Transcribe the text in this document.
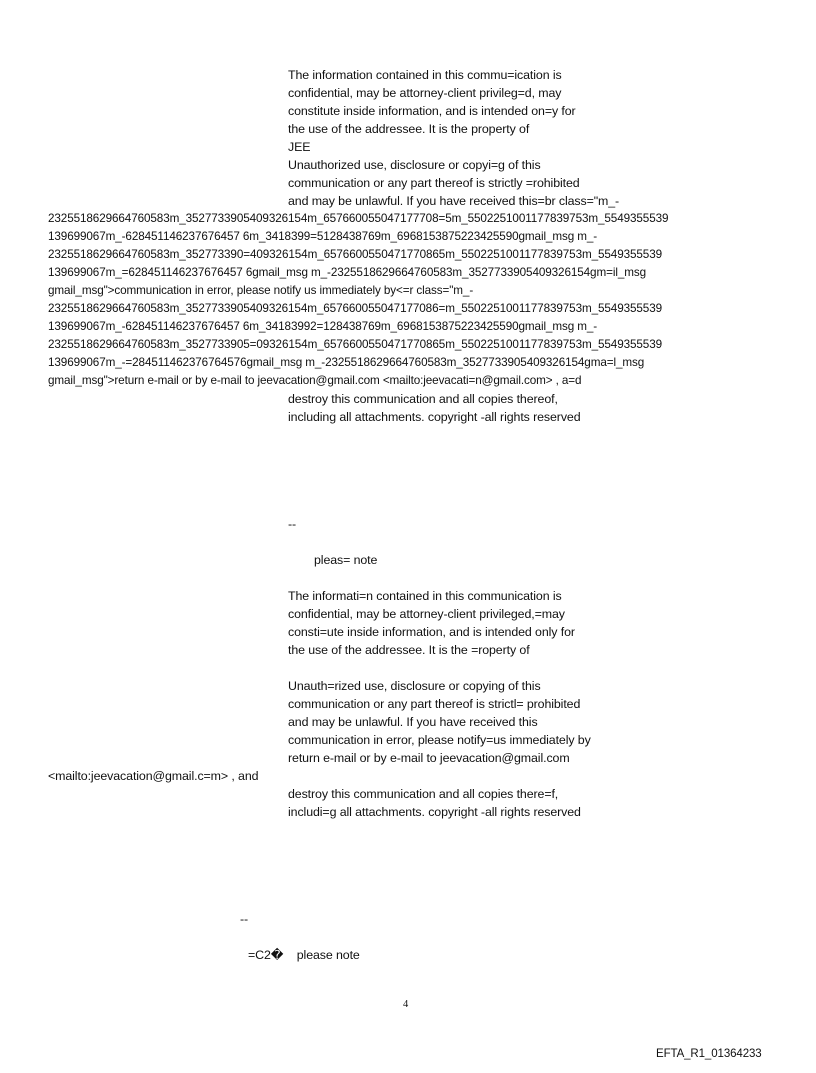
The information contained in this commu=ication is

confidential, may be attorney-client privileg=d, may

constitute inside information, and is intended on=y for

the use of the addressee. It is the property of

JEE

Unauthorized use, disclosure or copyi=g of this

communication or any part thereof is strictly =rohibited

and may be unlawful. If you have received this=br class="m_-

2325518629664760583m_3527733905409326154m_657660055047177708=5m_5502251001177839753m_5549355539

139699067m_-628451146237676457 6m_3418399=5128438769m_6968153875223425590gmail_msg m_-

2325518629664760583m_352773390=409326154m_6576600550471770865m_5502251001177839753m_5549355539

139699067m_=628451146237676457 6gmail_msg m_-2325518629664760583m_3527733905409326154gm=il_msg

gmail_msg">communication in error, please notify us immediately by<=r class="m_-

2325518629664760583m_3527733905409326154m_657660055047177086=m_5502251001177839753m_5549355539

139699067m_-628451146237676457 6m_34183992=128438769m_6968153875223425590gmail_msg m_-

2325518629664760583m_3527733905=09326154m_6576600550471770865m_5502251001177839753m_5549355539

139699067m_-=284511462376764576gmail_msg m_-2325518629664760583m_3527733905409326154gma=l_msg

gmail_msg">return e-mail or by e-mail to jeevacation@gmail.com <mailto:jeevacati=n@gmail.com> , a=d

destroy this communication and all copies thereof,

including all attachments. copyright -all rights reserved

--

pleas= note

The informati=n contained in this communication is

confidential, may be attorney-client privileged,=may

consti=ute inside information, and is intended only for

the use of the addressee. It is the =roperty of

Unauth=rized use, disclosure or copying of this

communication or any part thereof is strictl= prohibited

and may be unlawful. If you have received this

communication in error, please notify=us immediately by

return e-mail or by e-mail to jeevacation@gmail.com

<mailto:jeevacation@gmail.c=m> , and

destroy this communication and all copies there=f,

includi=g all attachments. copyright -all rights reserved

--

=C2�    please note

4

EFTA_R1_01364233
